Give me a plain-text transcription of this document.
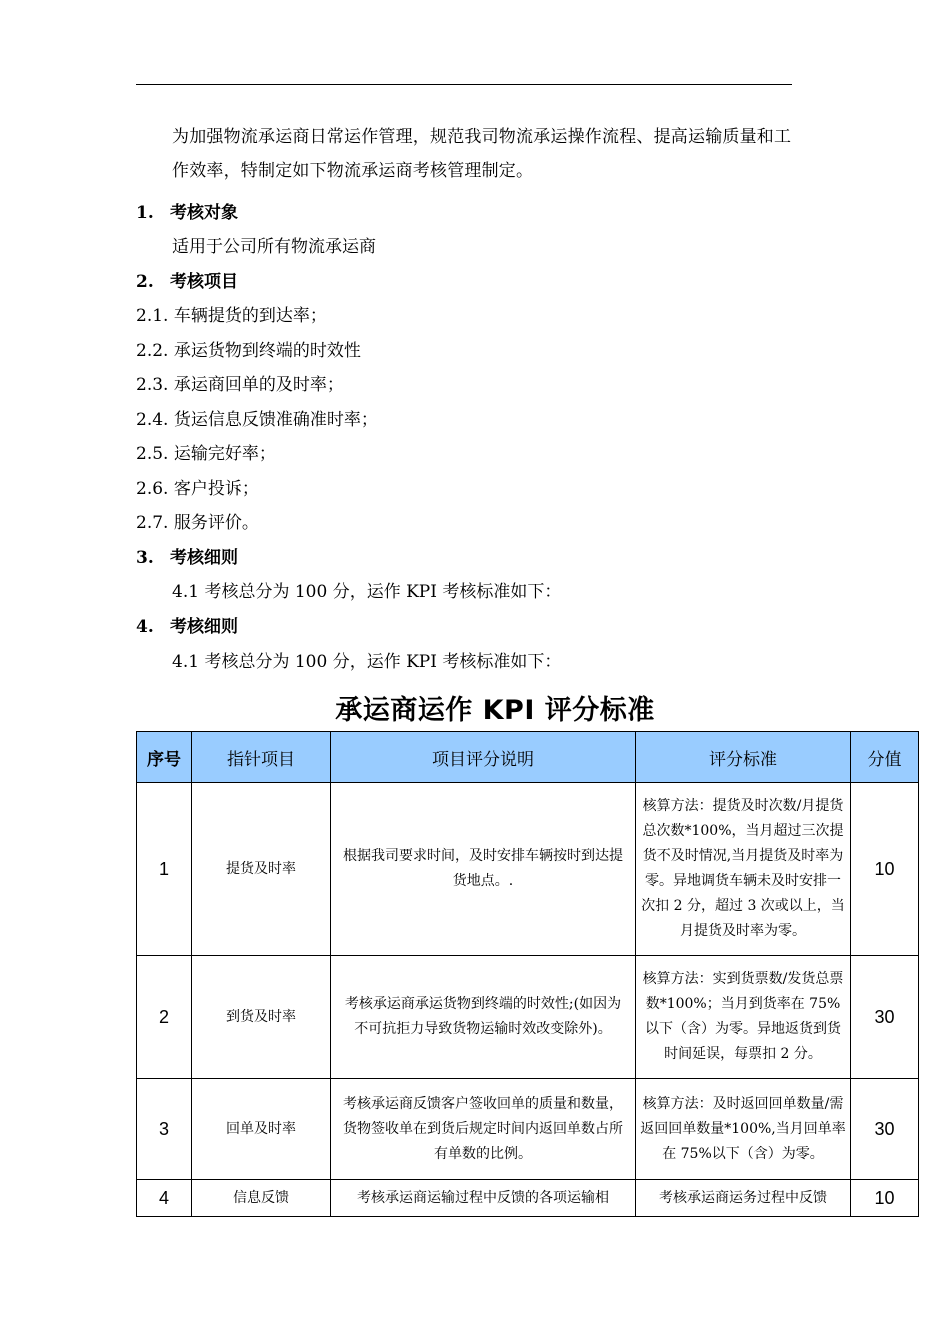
为加强物流承运商日常运作管理，规范我司物流承运操作流程、提高运输质量和工作效率，特制定如下物流承运商考核管理制定。
1. 考核对象
适用于公司所有物流承运商
2. 考核项目
2.1. 车辆提货的到达率；
2.2. 承运货物到终端的时效性
2.3. 承运商回单的及时率；
2.4. 货运信息反馈准确准时率；
2.5. 运输完好率；
2.6. 客户投诉；
2.7. 服务评价。
3. 考核细则
4.1 考核总分为 100 分，运作 KPI 考核标准如下：
4. 考核细则
4.1 考核总分为 100 分，运作 KPI 考核标准如下：
承运商运作 KPI 评分标准
序号	指针项目	项目评分说明	评分标准	分值
1	提货及时率	根据我司要求时间，及时安排车辆按时到达提货地点。.	核算方法：提货及时次数/月提货总次数*100%，当月超过三次提货不及时情况,当月提货及时率为零。异地调货车辆未及时安排一次扣 2 分，超过 3 次或以上，当月提货及时率为零。	10
2	到货及时率	考核承运商承运货物到终端的时效性;(如因为不可抗拒力导致货物运输时效改变除外)。	核算方法：实到货票数/发货总票数*100%；当月到货率在 75%以下（含）为零。异地返货到货时间延误，每票扣 2 分。	30
3	回单及时率	考核承运商反馈客户签收回单的质量和数量，货物签收单在到货后规定时间内返回单数占所有单数的比例。	核算方法：及时返回回单数量/需返回回单数量*100%,当月回单率在 75%以下（含）为零。	30
4	信息反馈	考核承运商运输过程中反馈的各项运输相	考核承运商运务过程中反馈	10
